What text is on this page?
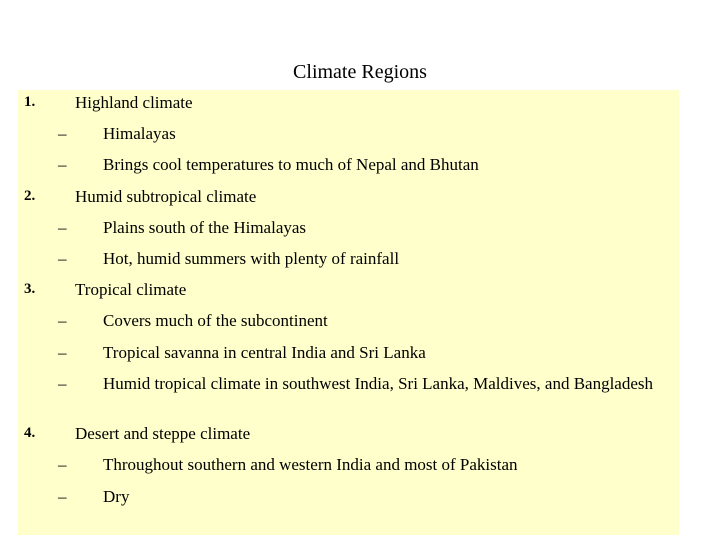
Climate Regions
1. Highland climate
– Himalayas
– Brings cool temperatures to much of Nepal and Bhutan
2. Humid subtropical climate
– Plains south of the Himalayas
– Hot, humid summers with plenty of rainfall
3. Tropical climate
– Covers much of the subcontinent
– Tropical savanna in central India and Sri Lanka
– Humid tropical climate in southwest India, Sri Lanka, Maldives, and Bangladesh
4. Desert and steppe climate
– Throughout southern and western India and most of Pakistan
– Dry
